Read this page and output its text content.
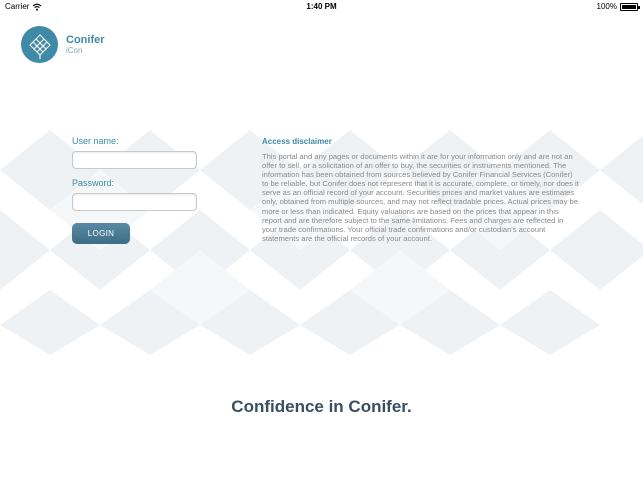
Carrier	1:40 PM	100%
Conifer
iCon
User name:
Password:
LOGIN
Access disclaimer

This portal and any pages or documents within it are for your information only and are not an offer to sell, or a solicitation of an offer to buy, the securities or instruments mentioned. The information has been obtained from sources believed by Conifer Financial Services (Conifer) to be reliable, but Conifer does not represent that it is accurate, complete, or timely, nor does it serve as an official record of your account. Securities prices and market values are estimates only, obtained from multiple sources, and may not reflect tradable prices. Actual prices may be more or less than indicated. Equity valuations are based on the prices that appear in this report and are therefore subject to the same limitations. Fees and charges are reflected in your trade confirmations. Your official trade confirmations and/or custodian's account statements are the official records of your account.

Confidence in Conifer.
